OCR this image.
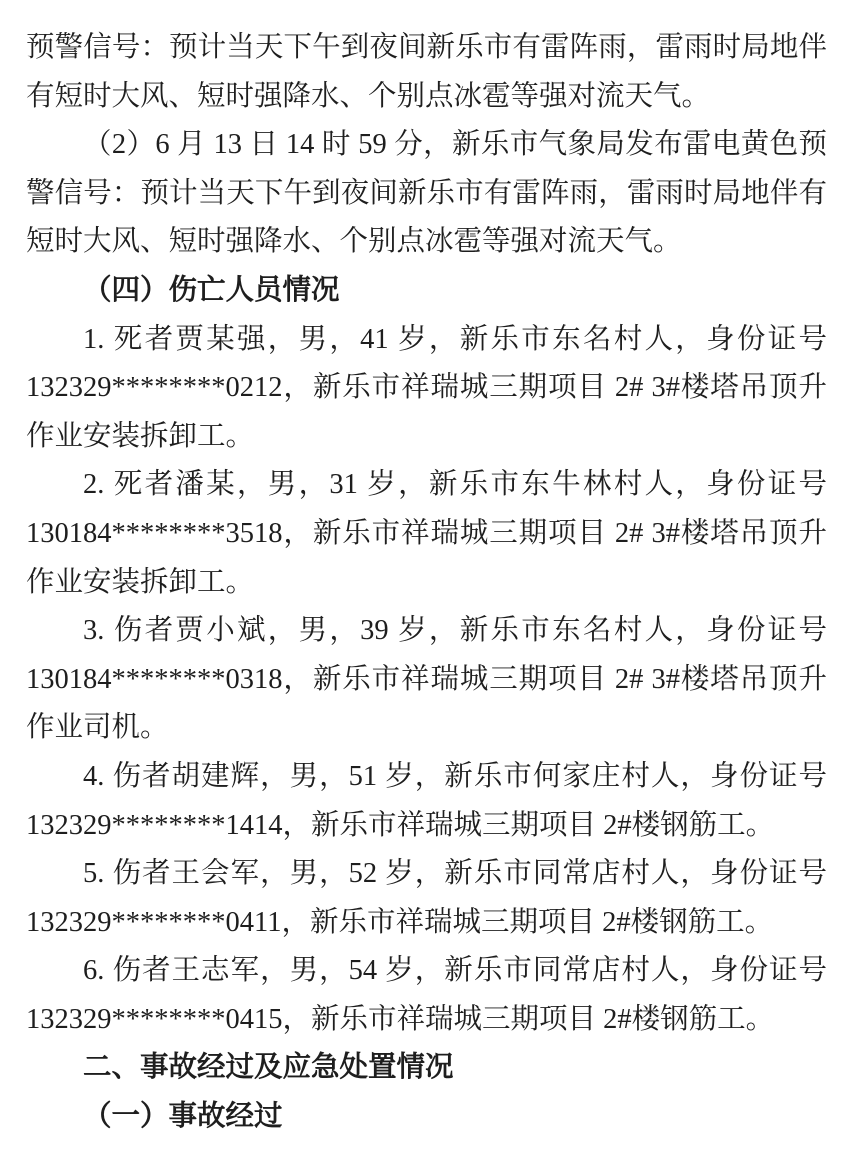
预警信号：预计当天下午到夜间新乐市有雷阵雨，雷雨时局地伴
有短时大风、短时强降水、个别点冰雹等强对流天气。
（2）6 月 13 日 14 时 59 分，新乐市气象局发布雷电黄色预
警信号：预计当天下午到夜间新乐市有雷阵雨，雷雨时局地伴有
短时大风、短时强降水、个别点冰雹等强对流天气。
（四）伤亡人员情况
1. 死者贾某强，男，41 岁，新乐市东名村人，身份证号
132329********0212，新乐市祥瑞城三期项目 2# 3#楼塔吊顶升
作业安装拆卸工。
2. 死者潘某，男，31 岁，新乐市东牛林村人，身份证号
130184********3518，新乐市祥瑞城三期项目 2# 3#楼塔吊顶升
作业安装拆卸工。
3. 伤者贾小斌，男，39 岁，新乐市东名村人，身份证号
130184********0318，新乐市祥瑞城三期项目 2# 3#楼塔吊顶升
作业司机。
4. 伤者胡建辉，男，51 岁，新乐市何家庄村人，身份证号
132329********1414，新乐市祥瑞城三期项目 2#楼钢筋工。
5. 伤者王会军，男，52 岁，新乐市同常店村人，身份证号
132329********0411，新乐市祥瑞城三期项目 2#楼钢筋工。
6. 伤者王志军，男，54 岁，新乐市同常店村人，身份证号
132329********0415，新乐市祥瑞城三期项目 2#楼钢筋工。
二、事故经过及应急处置情况
（一）事故经过
